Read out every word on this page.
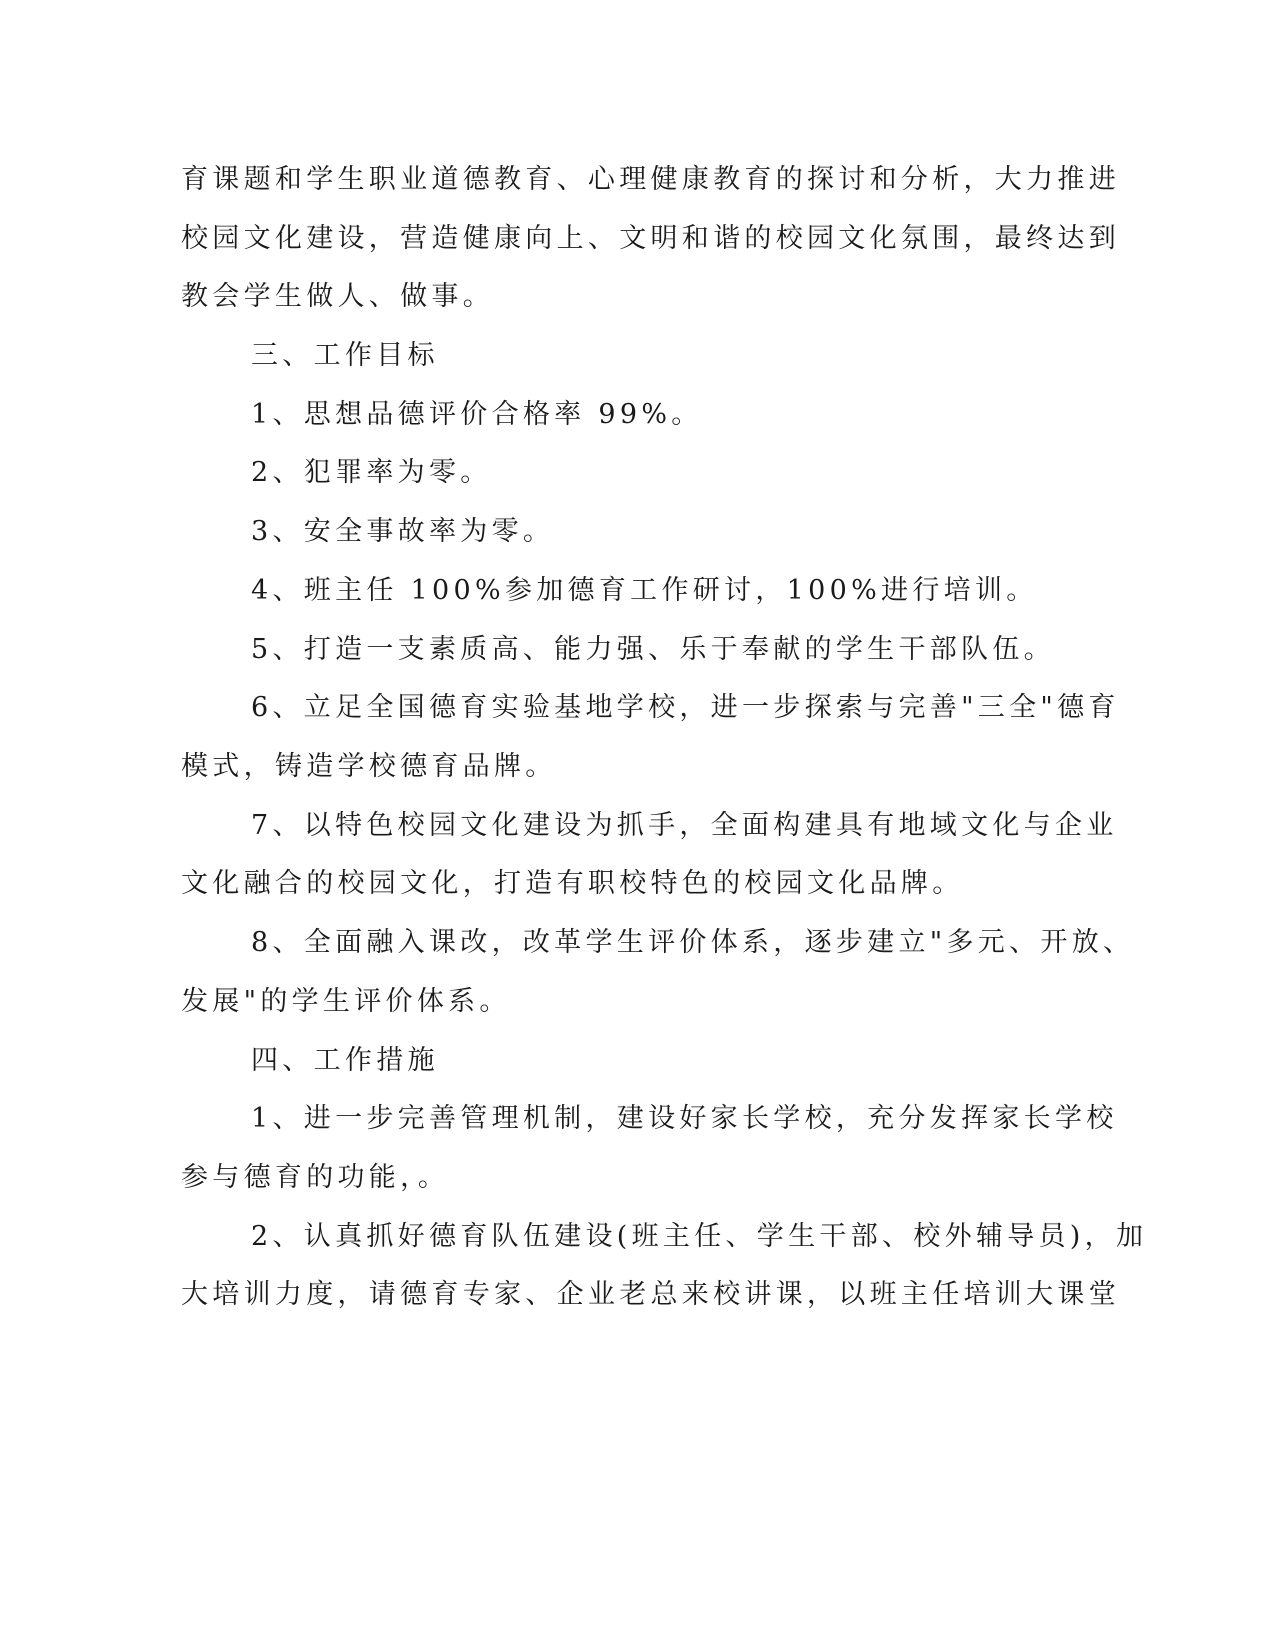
育课题和学生职业道德教育、心理健康教育的探讨和分析，大力推进
校园文化建设，营造健康向上、文明和谐的校园文化氛围，最终达到
教会学生做人、做事。
三、工作目标
1、思想品德评价合格率 99%。
2、犯罪率为零。
3、安全事故率为零。
4、班主任 100%参加德育工作研讨，100%进行培训。
5、打造一支素质高、能力强、乐于奉献的学生干部队伍。
6、立足全国德育实验基地学校，进一步探索与完善"三全"德育
模式，铸造学校德育品牌。
7、以特色校园文化建设为抓手，全面构建具有地域文化与企业
文化融合的校园文化，打造有职校特色的校园文化品牌。
8、全面融入课改，改革学生评价体系，逐步建立"多元、开放、
发展"的学生评价体系。
四、工作措施
1、进一步完善管理机制，建设好家长学校，充分发挥家长学校
参与德育的功能，。
2、认真抓好德育队伍建设(班主任、学生干部、校外辅导员)，加
大培训力度，请德育专家、企业老总来校讲课，以班主任培训大课堂
